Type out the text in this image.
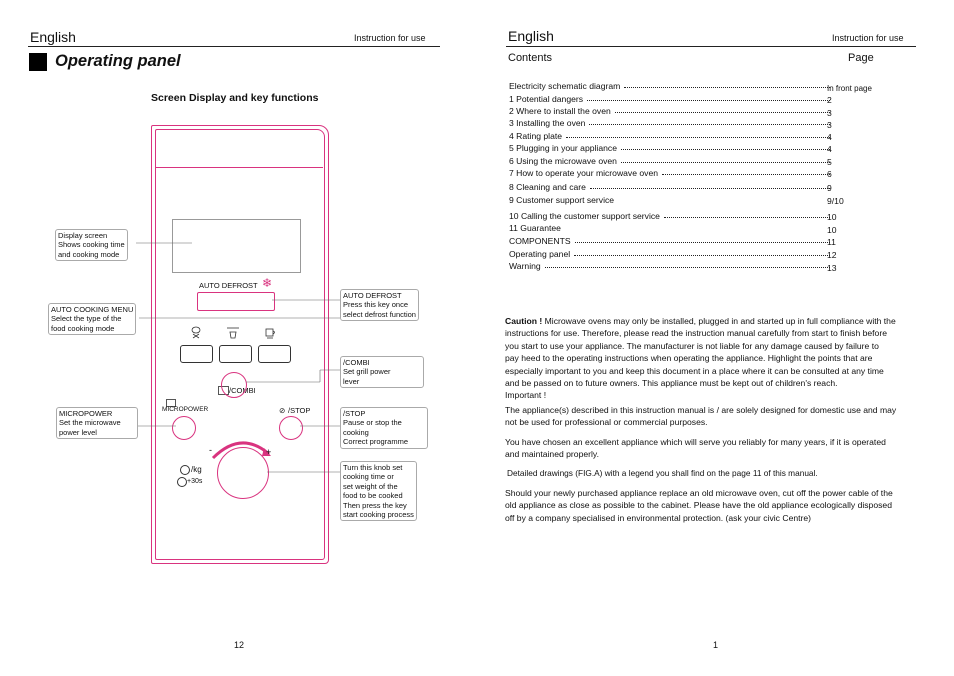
English	Instruction for use
Operating panel
Screen Display and key functions
AUTO DEFROST ❄
/COMBI
MICROPOWER	⊘ /STOP
-	+
/kg
+30s
Display screen
Shows cooking time
and cooking mode
AUTO COOKING MENU
Select the type of the
food cooking mode
MICROPOWER
Set the microwave
power level
AUTO DEFROST
Press this key once
select defrost function
/COMBI
Set grill power
lever
/STOP
Pause or stop the
cooking
Correct programme
Turn this knob set
cooking time or
set weight of the
food to be cooked
Then press the key
start cooking process
12
English	Instruction for use
Contents	Page
Electricity schematic diagram	In front page
1 Potential dangers	2
2 Where to install the oven	3
3 Installing the oven	3
4 Rating plate	4
5 Plugging in your appliance	4
6 Using the microwave oven	5
7 How to operate your microwave oven	6
8 Cleaning and care	9
9 Customer support service	9/10
10 Calling the customer support service	10
11 Guarantee	10
COMPONENTS	11
Operating panel	12
Warning	13
Caution ! Microwave ovens may only be installed, plugged in and started up in full compliance with the
instructions for use. Therefore, please read the instruction manual carefully from start to finish before
you start to use your appliance. The manufacturer is not liable for any damage caused by failure to
pay heed to the operating instructions when operating the appliance. Highlight the points that are
especially important to you and keep this document in a place where it can be consulted at any time
and be passed on to future owners. This appliance must be kept out of children's reach.
Important !
The appliance(s) described in this instruction manual is / are solely designed for domestic use and may
not be used for professional or commercial purposes.
You have chosen an excellent appliance which will serve you reliably for many years, if it is operated
and maintained properly.
Detailed drawings (FIG.A) with a legend you shall find on the page 11 of this manual.
Should your newly purchased appliance replace an old microwave oven, cut off the power cable of the
old appliance as close as possible to the cabinet. Please have the old appliance ecologically disposed
off by a company specialised in environmental protection. (ask your civic Centre)
1
